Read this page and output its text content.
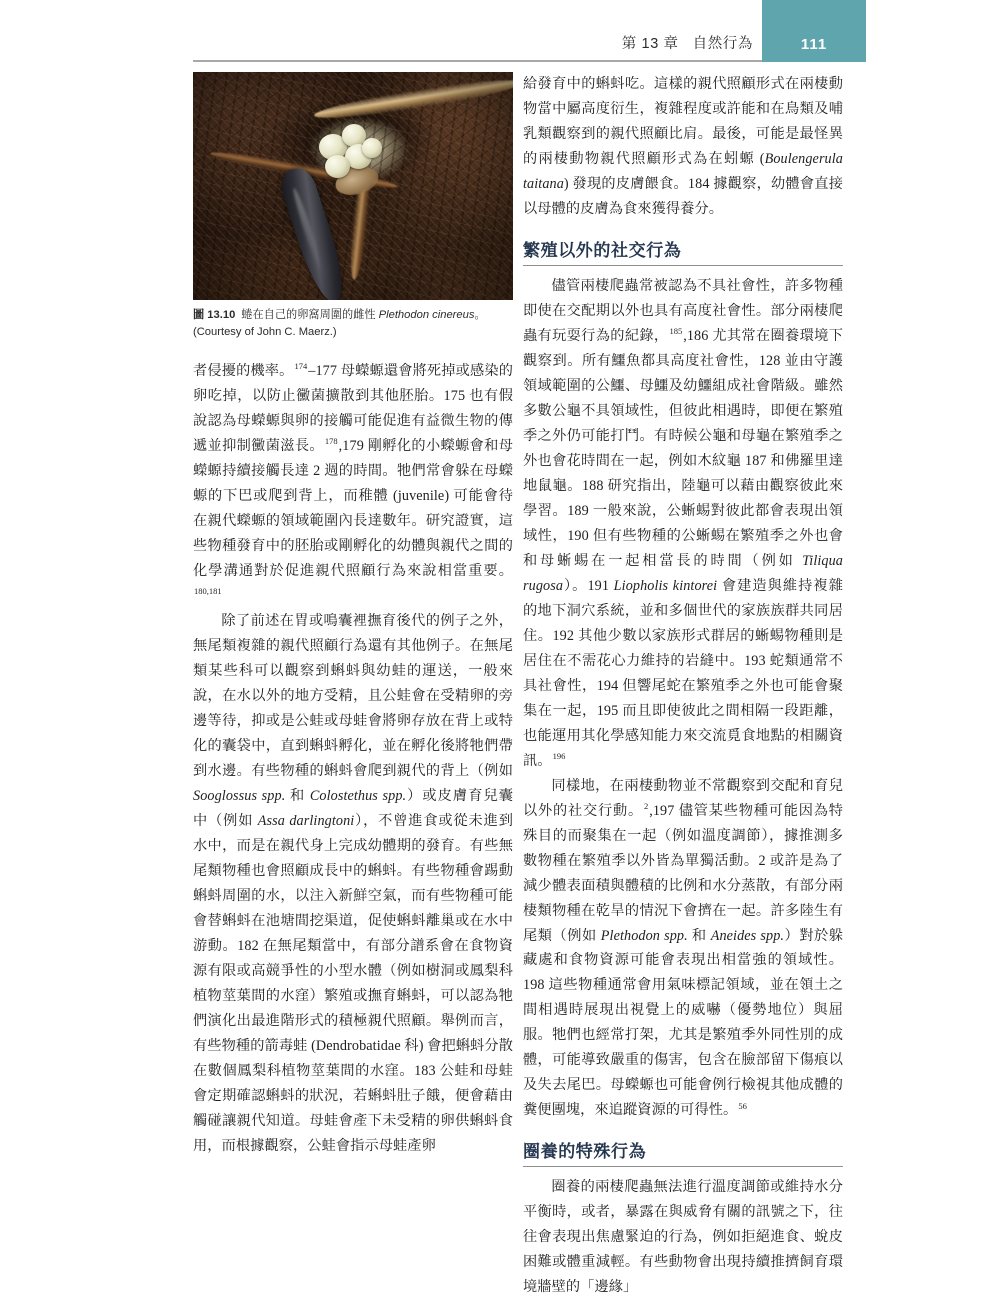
第 13 章 自然行為	111
圖 13.10 蜷在自己的卵窩周圍的雌性 Plethodon cinereus。
(Courtesy of John C. Maerz.)

者侵擾的機率。$^{174}$–177 母蠑螈還會將死掉或感染的卵吃掉，以防止黴菌擴散到其他胚胎。175 也有假說認為母蠑螈與卵的接觸可能促進有益微生物的傳遞並抑制黴菌滋長。$^{178}$,179 剛孵化的小蠑螈會和母蠑螈持續接觸長達 2 週的時間。牠們常會躲在母蠑螈的下巴或爬到背上，而稚體 (juvenile) 可能會待在親代蠑螈的領域範圍內長達數年。研究證實，這些物種發育中的胚胎或剛孵化的幼體與親代之間的化學溝通對於促進親代照顧行為來說相當重要。$^{180,181}$

除了前述在胃或鳴囊裡撫育後代的例子之外，無尾類複雜的親代照顧行為還有其他例子。在無尾類某些科可以觀察到蝌蚪與幼蛙的運送，一般來說，在水以外的地方受精，且公蛙會在受精卵的旁邊等待，抑或是公蛙或母蛙會將卵存放在背上或特化的囊袋中，直到蝌蚪孵化，並在孵化後將牠們帶到水邊。有些物種的蝌蚪會爬到親代的背上（例如 Sooglossus spp. 和 Colostethus spp.）或皮膚育兒囊中（例如 Assa darlingtoni），不曾進食或從未進到水中，而是在親代身上完成幼體期的發育。有些無尾類物種也會照顧成長中的蝌蚪。有些物種會踢動蝌蚪周圍的水，以注入新鮮空氣，而有些物種可能會替蝌蚪在池塘間挖渠道，促使蝌蚪離巢或在水中游動。182 在無尾類當中，有部分譜系會在食物資源有限或高競爭性的小型水體（例如樹洞或鳳梨科植物莖葉間的水窪）繁殖或撫育蝌蚪，可以認為牠們演化出最進階形式的積極親代照顧。舉例而言，有些物種的箭毒蛙 (Dendrobatidae 科) 會把蝌蚪分散在數個鳳梨科植物莖葉間的水窪。183 公蛙和母蛙會定期確認蝌蚪的狀況，若蝌蚪肚子餓，便會藉由觸碰讓親代知道。母蛙會產下未受精的卵供蝌蚪食用，而根據觀察，公蛙會指示母蛙產卵

給發育中的蝌蚪吃。這樣的親代照顧形式在兩棲動物當中屬高度衍生，複雜程度或許能和在鳥類及哺乳類觀察到的親代照顧比肩。最後，可能是最怪異的兩棲動物親代照顧形式為在蚓螈 (Boulengerula taitana) 發現的皮膚餵食。184 據觀察，幼體會直接以母體的皮膚為食來獲得養分。

繁殖以外的社交行為

儘管兩棲爬蟲常被認為不具社會性，許多物種即使在交配期以外也具有高度社會性。部分兩棲爬蟲有玩耍行為的紀錄，$^{185}$,186 尤其常在圈養環境下觀察到。所有鱷魚都具高度社會性，128 並由守護領域範圍的公鱷、母鱷及幼鱷組成社會階級。雖然多數公龜不具領域性，但彼此相遇時，即便在繁殖季之外仍可能打鬥。有時候公龜和母龜在繁殖季之外也會花時間在一起，例如木紋龜 187 和佛羅里達地鼠龜。188 研究指出，陸龜可以藉由觀察彼此來學習。189 一般來說，公蜥蜴對彼此都會表現出領域性，190 但有些物種的公蜥蜴在繁殖季之外也會和母蜥蜴在一起相當長的時間（例如 Tiliqua rugosa）。191 Liopholis kintorei 會建造與維持複雜的地下洞穴系統，並和多個世代的家族族群共同居住。192 其他少數以家族形式群居的蜥蜴物種則是居住在不需花心力維持的岩縫中。193 蛇類通常不具社會性，194 但響尾蛇在繁殖季之外也可能會聚集在一起，195 而且即使彼此之間相隔一段距離，也能運用其化學感知能力來交流覓食地點的相關資訊。$^{196}$

同樣地，在兩棲動物並不常觀察到交配和育兒以外的社交行動。$^2$,197 儘管某些物種可能因為特殊目的而聚集在一起（例如溫度調節），據推測多數物種在繁殖季以外皆為單獨活動。2 或許是為了減少體表面積與體積的比例和水分蒸散，有部分兩棲類物種在乾旱的情況下會擠在一起。許多陸生有尾類（例如 Plethodon spp. 和 Aneides spp.）對於躲藏處和食物資源可能會表現出相當強的領域性。198 這些物種通常會用氣味標記領域，並在領土之間相遇時展現出視覺上的威嚇（優勢地位）與屈服。牠們也經常打架，尤其是繁殖季外同性別的成體，可能導致嚴重的傷害，包含在臉部留下傷痕以及失去尾巴。母蠑螈也可能會例行檢視其他成體的糞便團塊，來追蹤資源的可得性。$^{56}$

圈養的特殊行為

圈養的兩棲爬蟲無法進行溫度調節或維持水分平衡時，或者，暴露在與威脅有關的訊號之下，往往會表現出焦慮緊迫的行為，例如拒絕進食、蛻皮困難或體重減輕。有些動物會出現持續推擠飼育環境牆壁的「邊緣」
